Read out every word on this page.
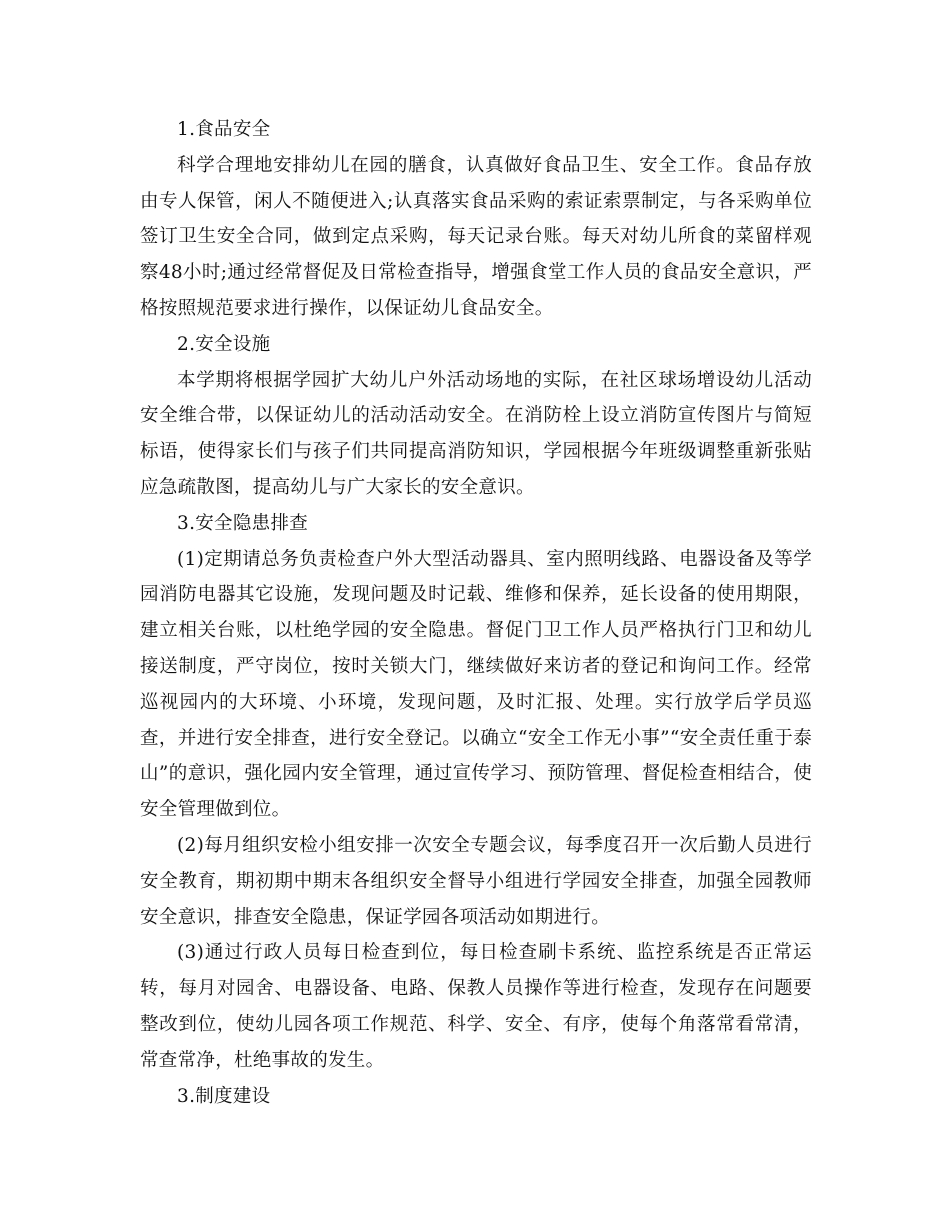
1.食品安全

科学合理地安排幼儿在园的膳食，认真做好食品卫生、安全工作。食品存放由专人保管，闲人不随便进入;认真落实食品采购的索证索票制定，与各采购单位签订卫生安全合同，做到定点采购，每天记录台账。每天对幼儿所食的菜留样观察48小时;通过经常督促及日常检查指导，增强食堂工作人员的食品安全意识，严格按照规范要求进行操作，以保证幼儿食品安全。

2.安全设施

本学期将根据学园扩大幼儿户外活动场地的实际，在社区球场增设幼儿活动安全维合带，以保证幼儿的活动活动安全。在消防栓上设立消防宣传图片与简短标语，使得家长们与孩子们共同提高消防知识，学园根据今年班级调整重新张贴应急疏散图，提高幼儿与广大家长的安全意识。

3.安全隐患排查

(1)定期请总务负责检查户外大型活动器具、室内照明线路、电器设备及等学园消防电器其它设施，发现问题及时记载、维修和保养，延长设备的使用期限，建立相关台账，以杜绝学园的安全隐患。督促门卫工作人员严格执行门卫和幼儿接送制度，严守岗位，按时关锁大门，继续做好来访者的登记和询问工作。经常巡视园内的大环境、小环境，发现问题，及时汇报、处理。实行放学后学员巡查，并进行安全排查，进行安全登记。以确立“安全工作无小事”“安全责任重于泰山”的意识，强化园内安全管理，通过宣传学习、预防管理、督促检查相结合，使安全管理做到位。

(2)每月组织安检小组安排一次安全专题会议，每季度召开一次后勤人员进行安全教育，期初期中期末各组织安全督导小组进行学园安全排查，加强全园教师安全意识，排查安全隐患，保证学园各项活动如期进行。

(3)通过行政人员每日检查到位，每日检查刷卡系统、监控系统是否正常运转，每月对园舍、电器设备、电路、保教人员操作等进行检查，发现存在问题要整改到位，使幼儿园各项工作规范、科学、安全、有序，使每个角落常看常清，常查常净，杜绝事故的发生。

3.制度建设
